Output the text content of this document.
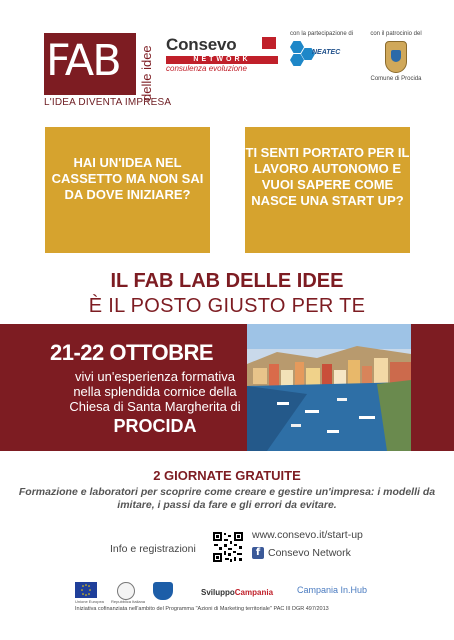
FAB delle idee
L'IDEA DIVENTA IMPRESA
Consevo
NETWORK
consulenza evoluzione
con la partecipazione di
NEATEC
con il patrocinio del
Comune di Procida
HAI UN'IDEA NEL CASSETTO MA NON SAI DA DOVE INIZIARE?
TI SENTI PORTATO PER IL LAVORO AUTONOMO E VUOI SAPERE COME NASCE UNA START UP?
IL FAB LAB DELLE IDEE
È IL POSTO GIUSTO PER TE
21-22 OTTOBRE
vivi un'esperienza formativa nella splendida cornice della Chiesa di Santa Margherita di
PROCIDA
2 GIORNATE GRATUITE
Formazione e laboratori per scoprire come creare e gestire un'impresa: i modelli da imitare, i passi da fare e gli errori da evitare.
Info e registrazioni
www.consevo.it/start-up
f Consevo Network
Unione Europea Repubblica Italiana
SviluppoCampania	Campania In.Hub
Iniziativa cofinanziata nell'ambito del Programma "Azioni di Marketing territoriale" PAC III DGR 497/2013
